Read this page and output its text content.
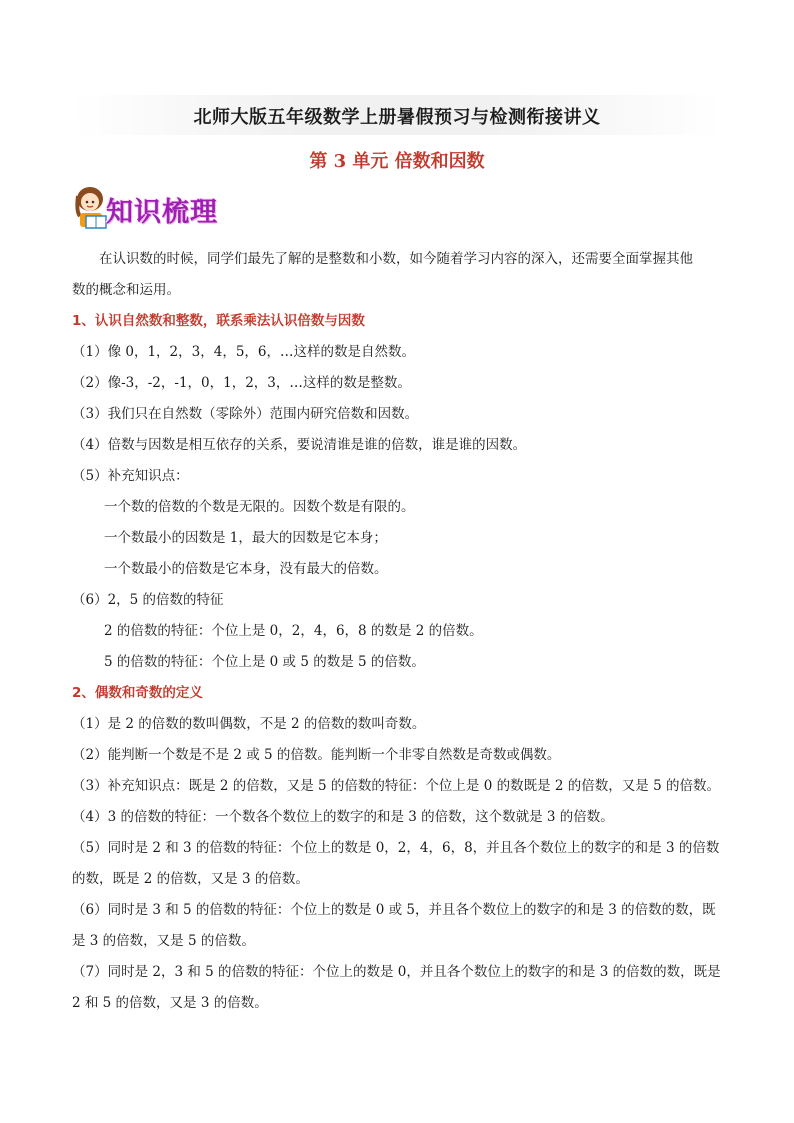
北师大版五年级数学上册暑假预习与检测衔接讲义
第 3 单元 倍数和因数
知识梳理

在认识数的时候，同学们最先了解的是整数和小数，如今随着学习内容的深入，还需要全面掌握其他

数的概念和运用。

1、认识自然数和整数，联系乘法认识倍数与因数

（1）像 0，1，2，3，4，5，6，…这样的数是自然数。

（2）像-3，-2，-1，0，1，2，3，…这样的数是整数。

（3）我们只在自然数（零除外）范围内研究倍数和因数。

（4）倍数与因数是相互依存的关系，要说清谁是谁的倍数，谁是谁的因数。

（5）补充知识点：

一个数的倍数的个数是无限的。因数个数是有限的。

一个数最小的因数是 1，最大的因数是它本身；

一个数最小的倍数是它本身，没有最大的倍数。

（6）2，5 的倍数的特征

2 的倍数的特征：个位上是 0，2，4，6，8 的数是 2 的倍数。

5 的倍数的特征：个位上是 0 或 5 的数是 5 的倍数。

2、偶数和奇数的定义

（1）是 2 的倍数的数叫偶数，不是 2 的倍数的数叫奇数。

（2）能判断一个数是不是 2 或 5 的倍数。能判断一个非零自然数是奇数或偶数。

（3）补充知识点：既是 2 的倍数，又是 5 的倍数的特征：个位上是 0 的数既是 2 的倍数，又是 5 的倍数。

（4）3 的倍数的特征：一个数各个数位上的数字的和是 3 的倍数，这个数就是 3 的倍数。

（5）同时是 2 和 3 的倍数的特征：个位上的数是 0，2，4，6，8，并且各个数位上的数字的和是 3 的倍数

的数，既是 2 的倍数，又是 3 的倍数。

（6）同时是 3 和 5 的倍数的特征：个位上的数是 0 或 5，并且各个数位上的数字的和是 3 的倍数的数，既

是 3 的倍数，又是 5 的倍数。

（7）同时是 2，3 和 5 的倍数的特征：个位上的数是 0，并且各个数位上的数字的和是 3 的倍数的数，既是

2 和 5 的倍数，又是 3 的倍数。
